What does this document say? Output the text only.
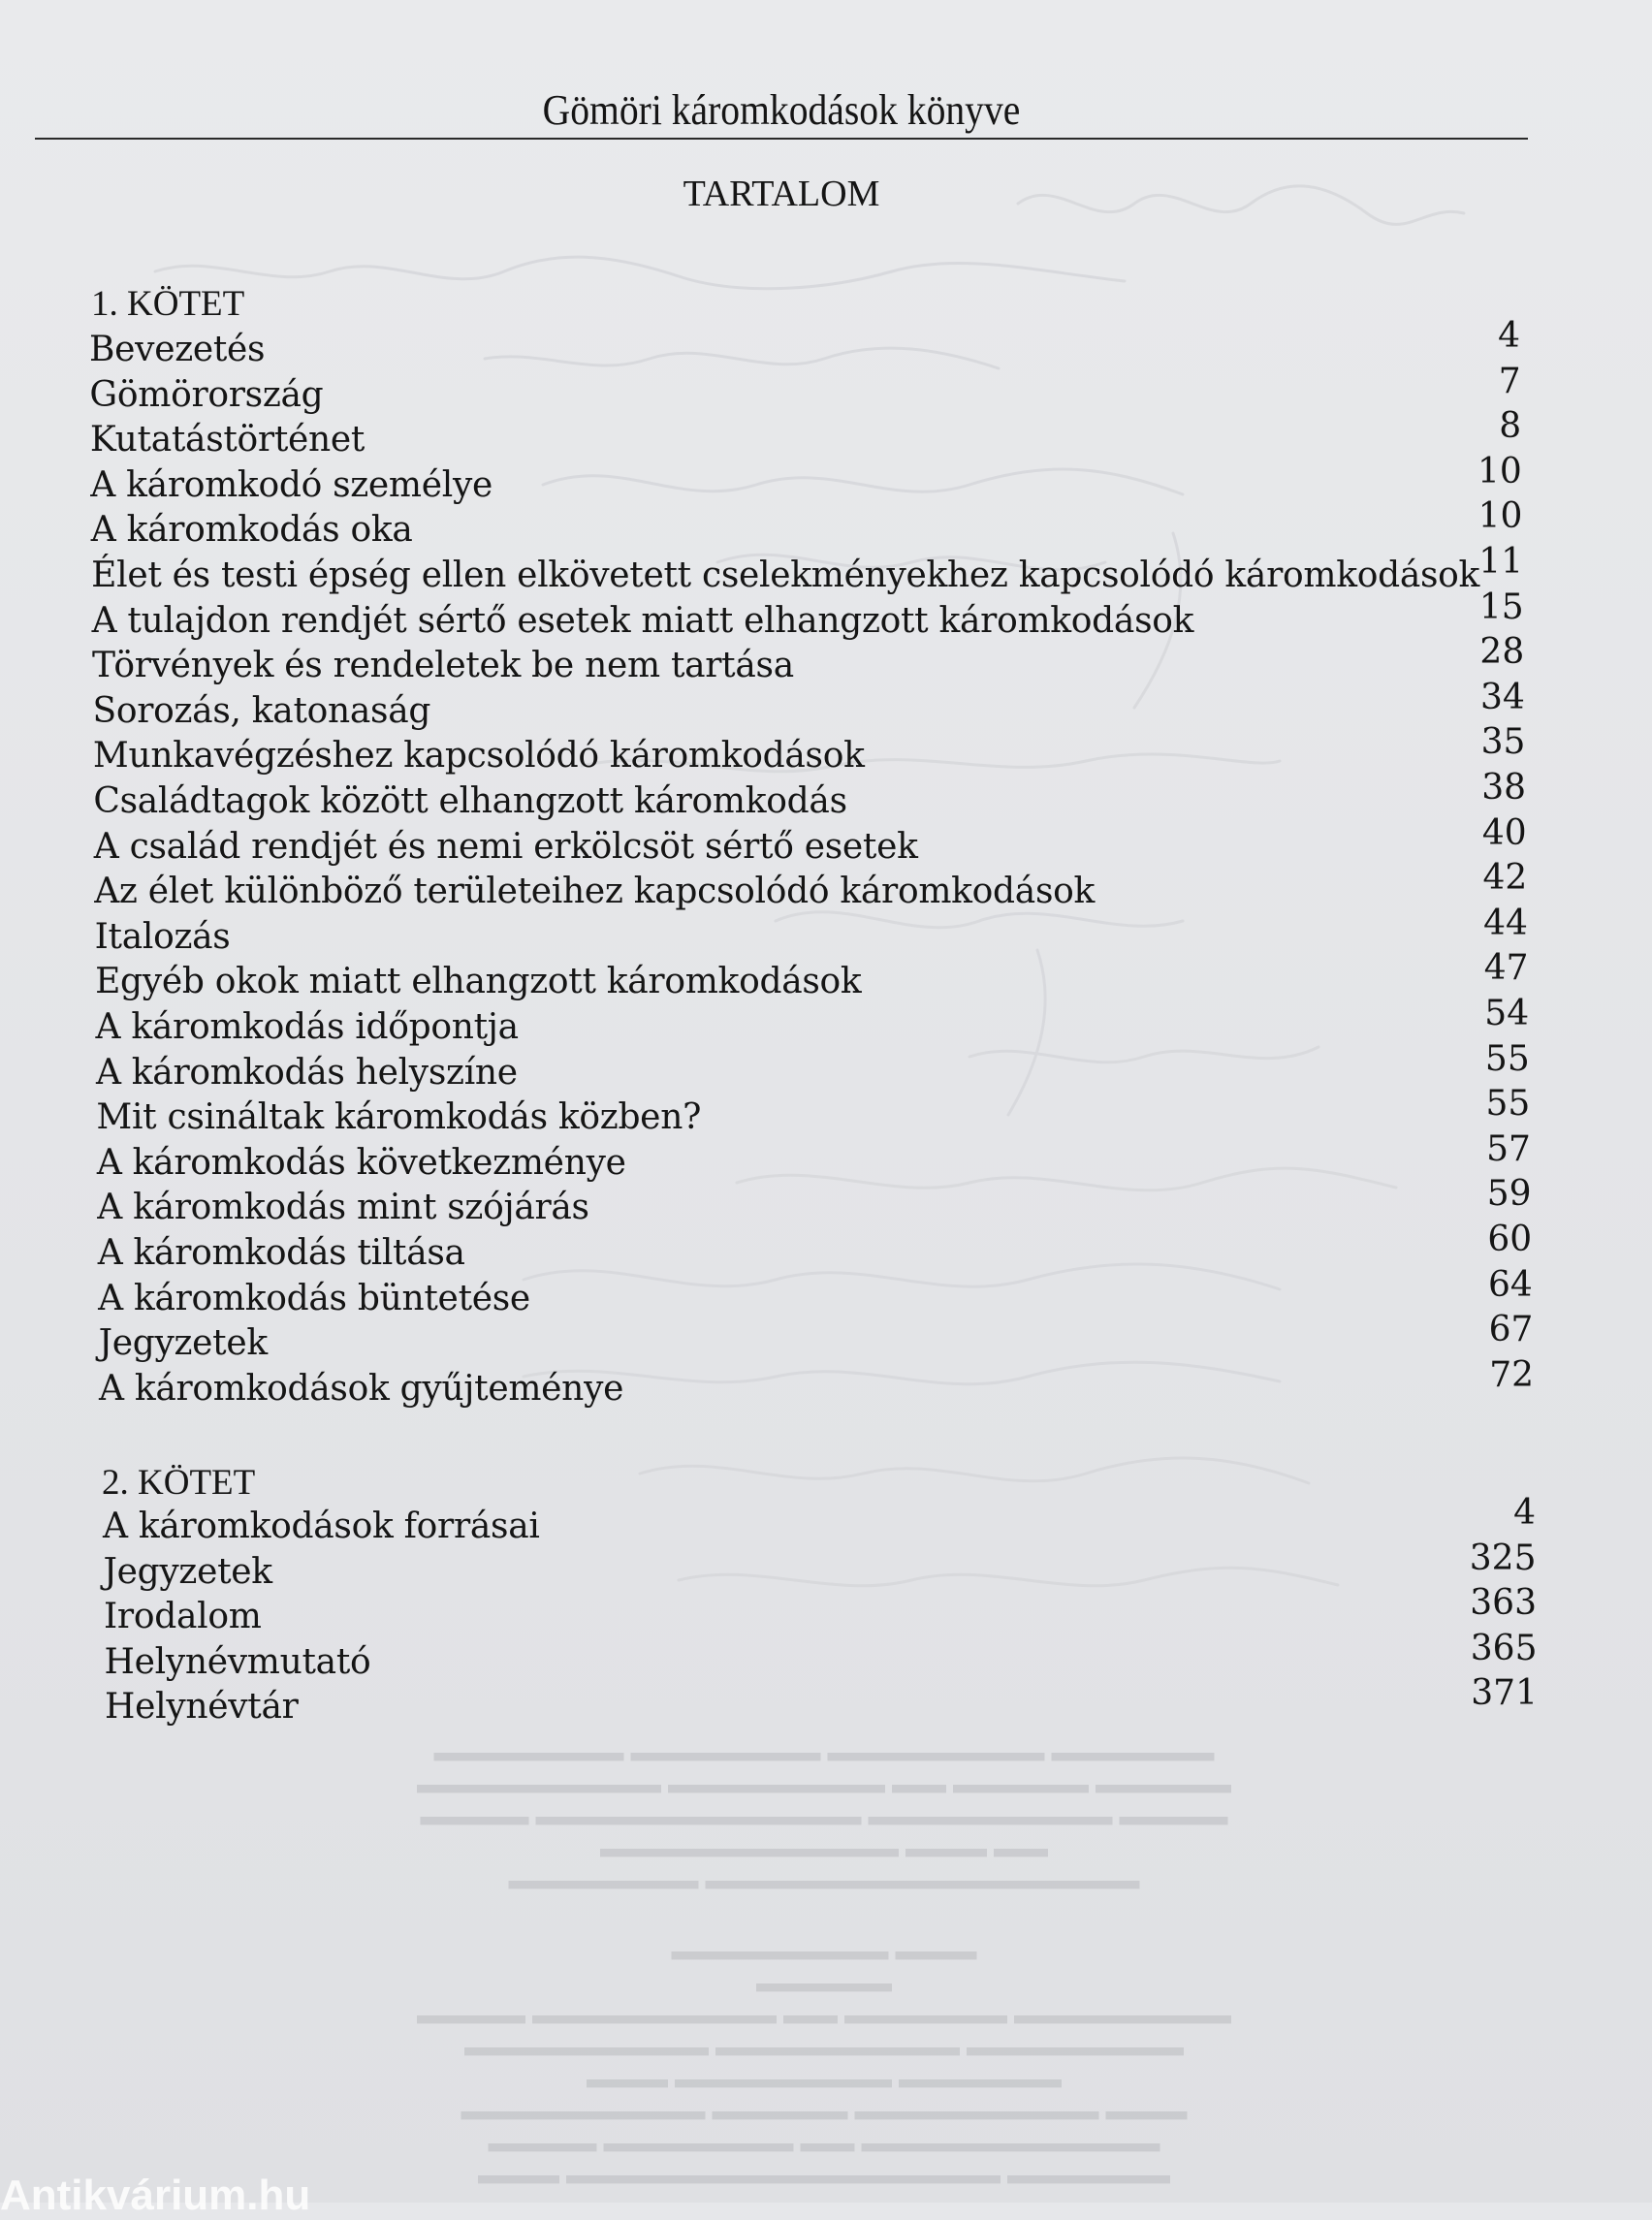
Gömöri káromkodások könyve
TARTALOM
1. KÖTET
Bevezetés	4
Gömörország	7
Kutatástörténet	8
A káromkodó személye	10
A káromkodás oka	10
Élet és testi épség ellen elkövetett cselekményekhez kapcsolódó káromkodások 11
A tulajdon rendjét sértő esetek miatt elhangzott káromkodások	15
Törvények és rendeletek be nem tartása	28
Sorozás, katonaság	34
Munkavégzéshez kapcsolódó káromkodások	35
Családtagok között elhangzott káromkodás	38
A család rendjét és nemi erkölcsöt sértő esetek	40
Az élet különböző területeihez kapcsolódó káromkodások	42
Italozás	44
Egyéb okok miatt elhangzott káromkodások	47
A káromkodás időpontja	54
A káromkodás helyszíne	55
Mit csináltak káromkodás közben?	55
A káromkodás következménye	57
A káromkodás mint szójárás	59
A káromkodás tiltása	60
A káromkodás büntetése	64
Jegyzetek	67
A káromkodások gyűjteménye	72
2. KÖTET
A káromkodások forrásai	4
Jegyzetek	325
Irodalom	363
Helynévmutató	365
Helynévtár	371
▬▬▬ ▬▬▬▬▬▬▬▬▬▬▬▬▬▬▬▬ ▬▬▬▬▬▬
▬▬▬▬ ▬▬▬▬▬▬▬ ▬▬ ▬▬▬▬▬▬▬▬▬▬▬
▬▬▬▬▬▬▬▬▬ ▬▬▬▬▬ ▬▬▬▬▬▬▬▬▬ ▬▬▬
▬▬▬ ▬▬▬▬▬▬▬▬ ▬▬▬▬▬▬
▬▬▬▬▬▬▬▬▬ ▬▬▬▬▬▬▬▬▬ ▬▬▬▬▬▬▬▬
▬▬▬▬ ▬▬▬▬▬▬▬▬▬ ▬▬ ▬▬▬▬▬▬ ▬▬▬▬▬▬▬▬
▬▬▬▬▬
▬▬▬▬▬▬▬▬ ▬▬▬
▬▬▬▬▬▬▬ ▬▬▬▬▬▬▬▬▬▬▬▬▬▬▬▬
▬▬▬▬▬▬▬▬▬▬▬ ▬▬▬ ▬▬
▬▬▬▬ ▬▬▬▬▬▬▬▬▬▬▬▬ ▬▬▬▬▬▬▬▬▬ ▬▬▬▬
▬▬▬▬▬▬▬▬▬ ▬▬▬▬▬▬▬▬ ▬▬ ▬▬▬▬▬ ▬▬▬▬▬
▬▬▬▬▬▬▬ ▬▬▬▬▬▬▬ ▬▬▬▬▬▬▬▬ ▬▬▬▬▬▬
Antikvárium.hu
